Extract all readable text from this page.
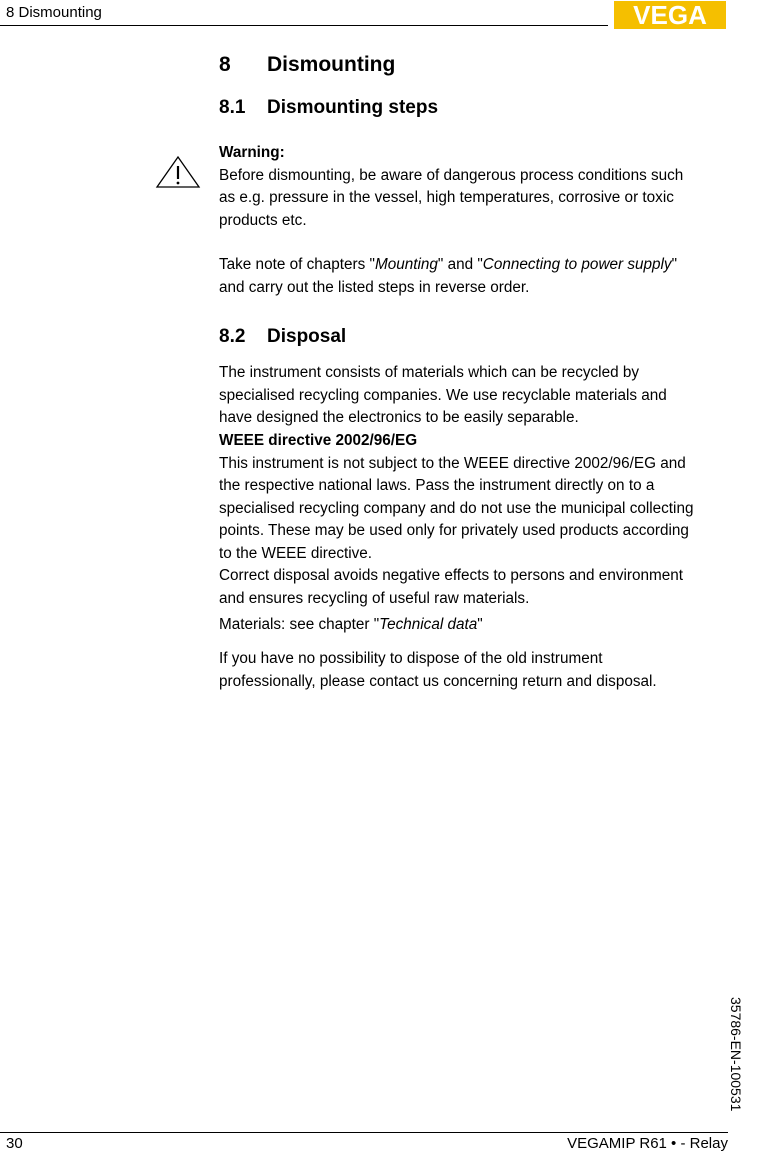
8 Dismounting	VEGA
8 Dismounting
8.1 Dismounting steps
Warning:
Before dismounting, be aware of dangerous process conditions such
as e.g. pressure in the vessel, high temperatures, corrosive or toxic
products etc.
Take note of chapters "Mounting" and "Connecting to power supply"
and carry out the listed steps in reverse order.
8.2 Disposal
The instrument consists of materials which can be recycled by
specialised recycling companies. We use recyclable materials and
have designed the electronics to be easily separable.
WEEE directive 2002/96/EG
This instrument is not subject to the WEEE directive 2002/96/EG and
the respective national laws. Pass the instrument directly on to a
specialised recycling company and do not use the municipal collecting
points. These may be used only for privately used products according
to the WEEE directive.
Correct disposal avoids negative effects to persons and environment
and ensures recycling of useful raw materials.
Materials: see chapter "Technical data"
If you have no possibility to dispose of the old instrument
professionally, please contact us concerning return and disposal.
35786-EN-100531
30	VEGAMIP R61 • - Relay
